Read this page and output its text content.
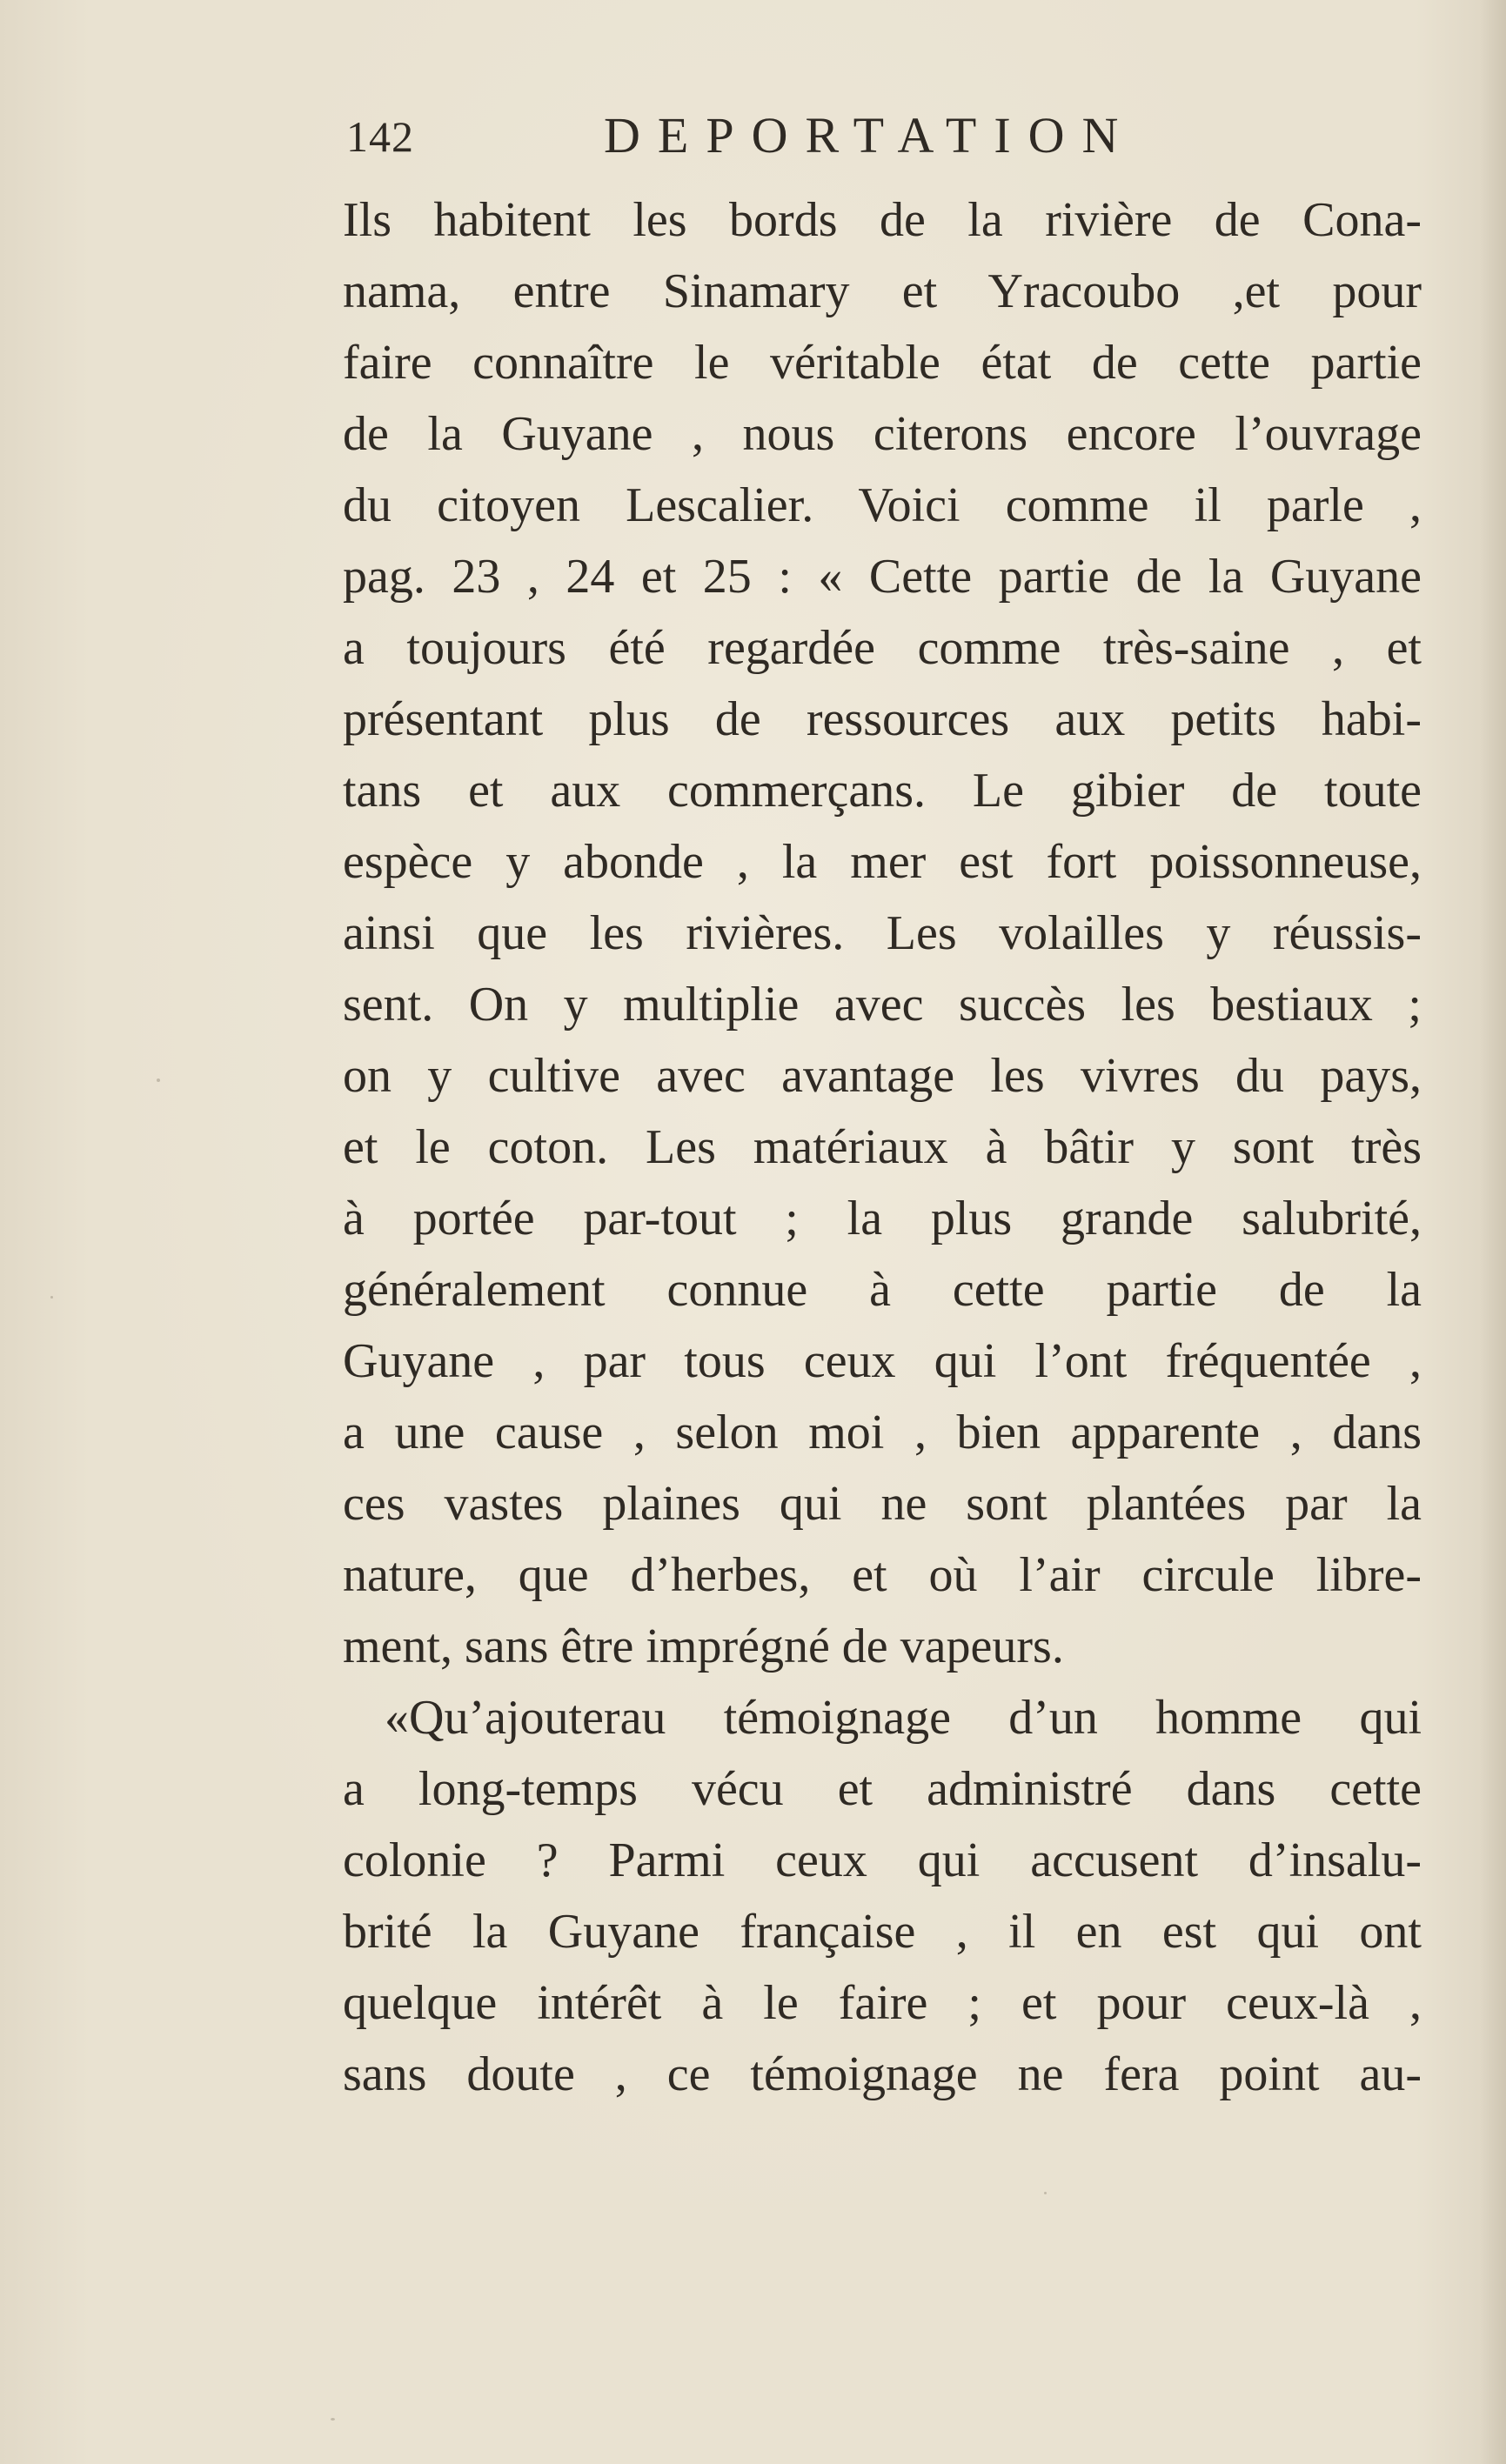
142	DEPORTATION
Ils habitent les bords de la rivière de Cona-
nama, entre Sinamary et Yracoubo ,et pour
faire connaître le véritable état de cette partie
de la Guyane , nous citerons encore l’ouvrage
du citoyen Lescalier. Voici comme il parle ,
pag. 23 , 24 et 25 : « Cette partie de la Guyane
a toujours été regardée comme très-saine , et
présentant plus de ressources aux petits habi-
tans et aux commerçans. Le gibier de toute
espèce y abonde , la mer est fort poissonneuse,
ainsi que les rivières. Les volailles y réussis-
sent. On y multiplie avec succès les bestiaux ;
on y cultive avec avantage les vivres du pays,
et le coton. Les matériaux à bâtir y sont très
à portée par-tout ; la plus grande salubrité,
généralement connue à cette partie de la
Guyane , par tous ceux qui l’ont fréquentée ,
a une cause , selon moi , bien apparente , dans
ces vastes plaines qui ne sont plantées par la
nature, que d’herbes, et où l’air circule libre-
ment, sans être imprégné de vapeurs.
«Qu’ajouterau témoignage d’un homme qui
a long-temps vécu et administré dans cette
colonie ? Parmi ceux qui accusent d’insalu-
brité la Guyane française , il en est qui ont
quelque intérêt à le faire ; et pour ceux-là ,
sans doute , ce témoignage ne fera point au-
